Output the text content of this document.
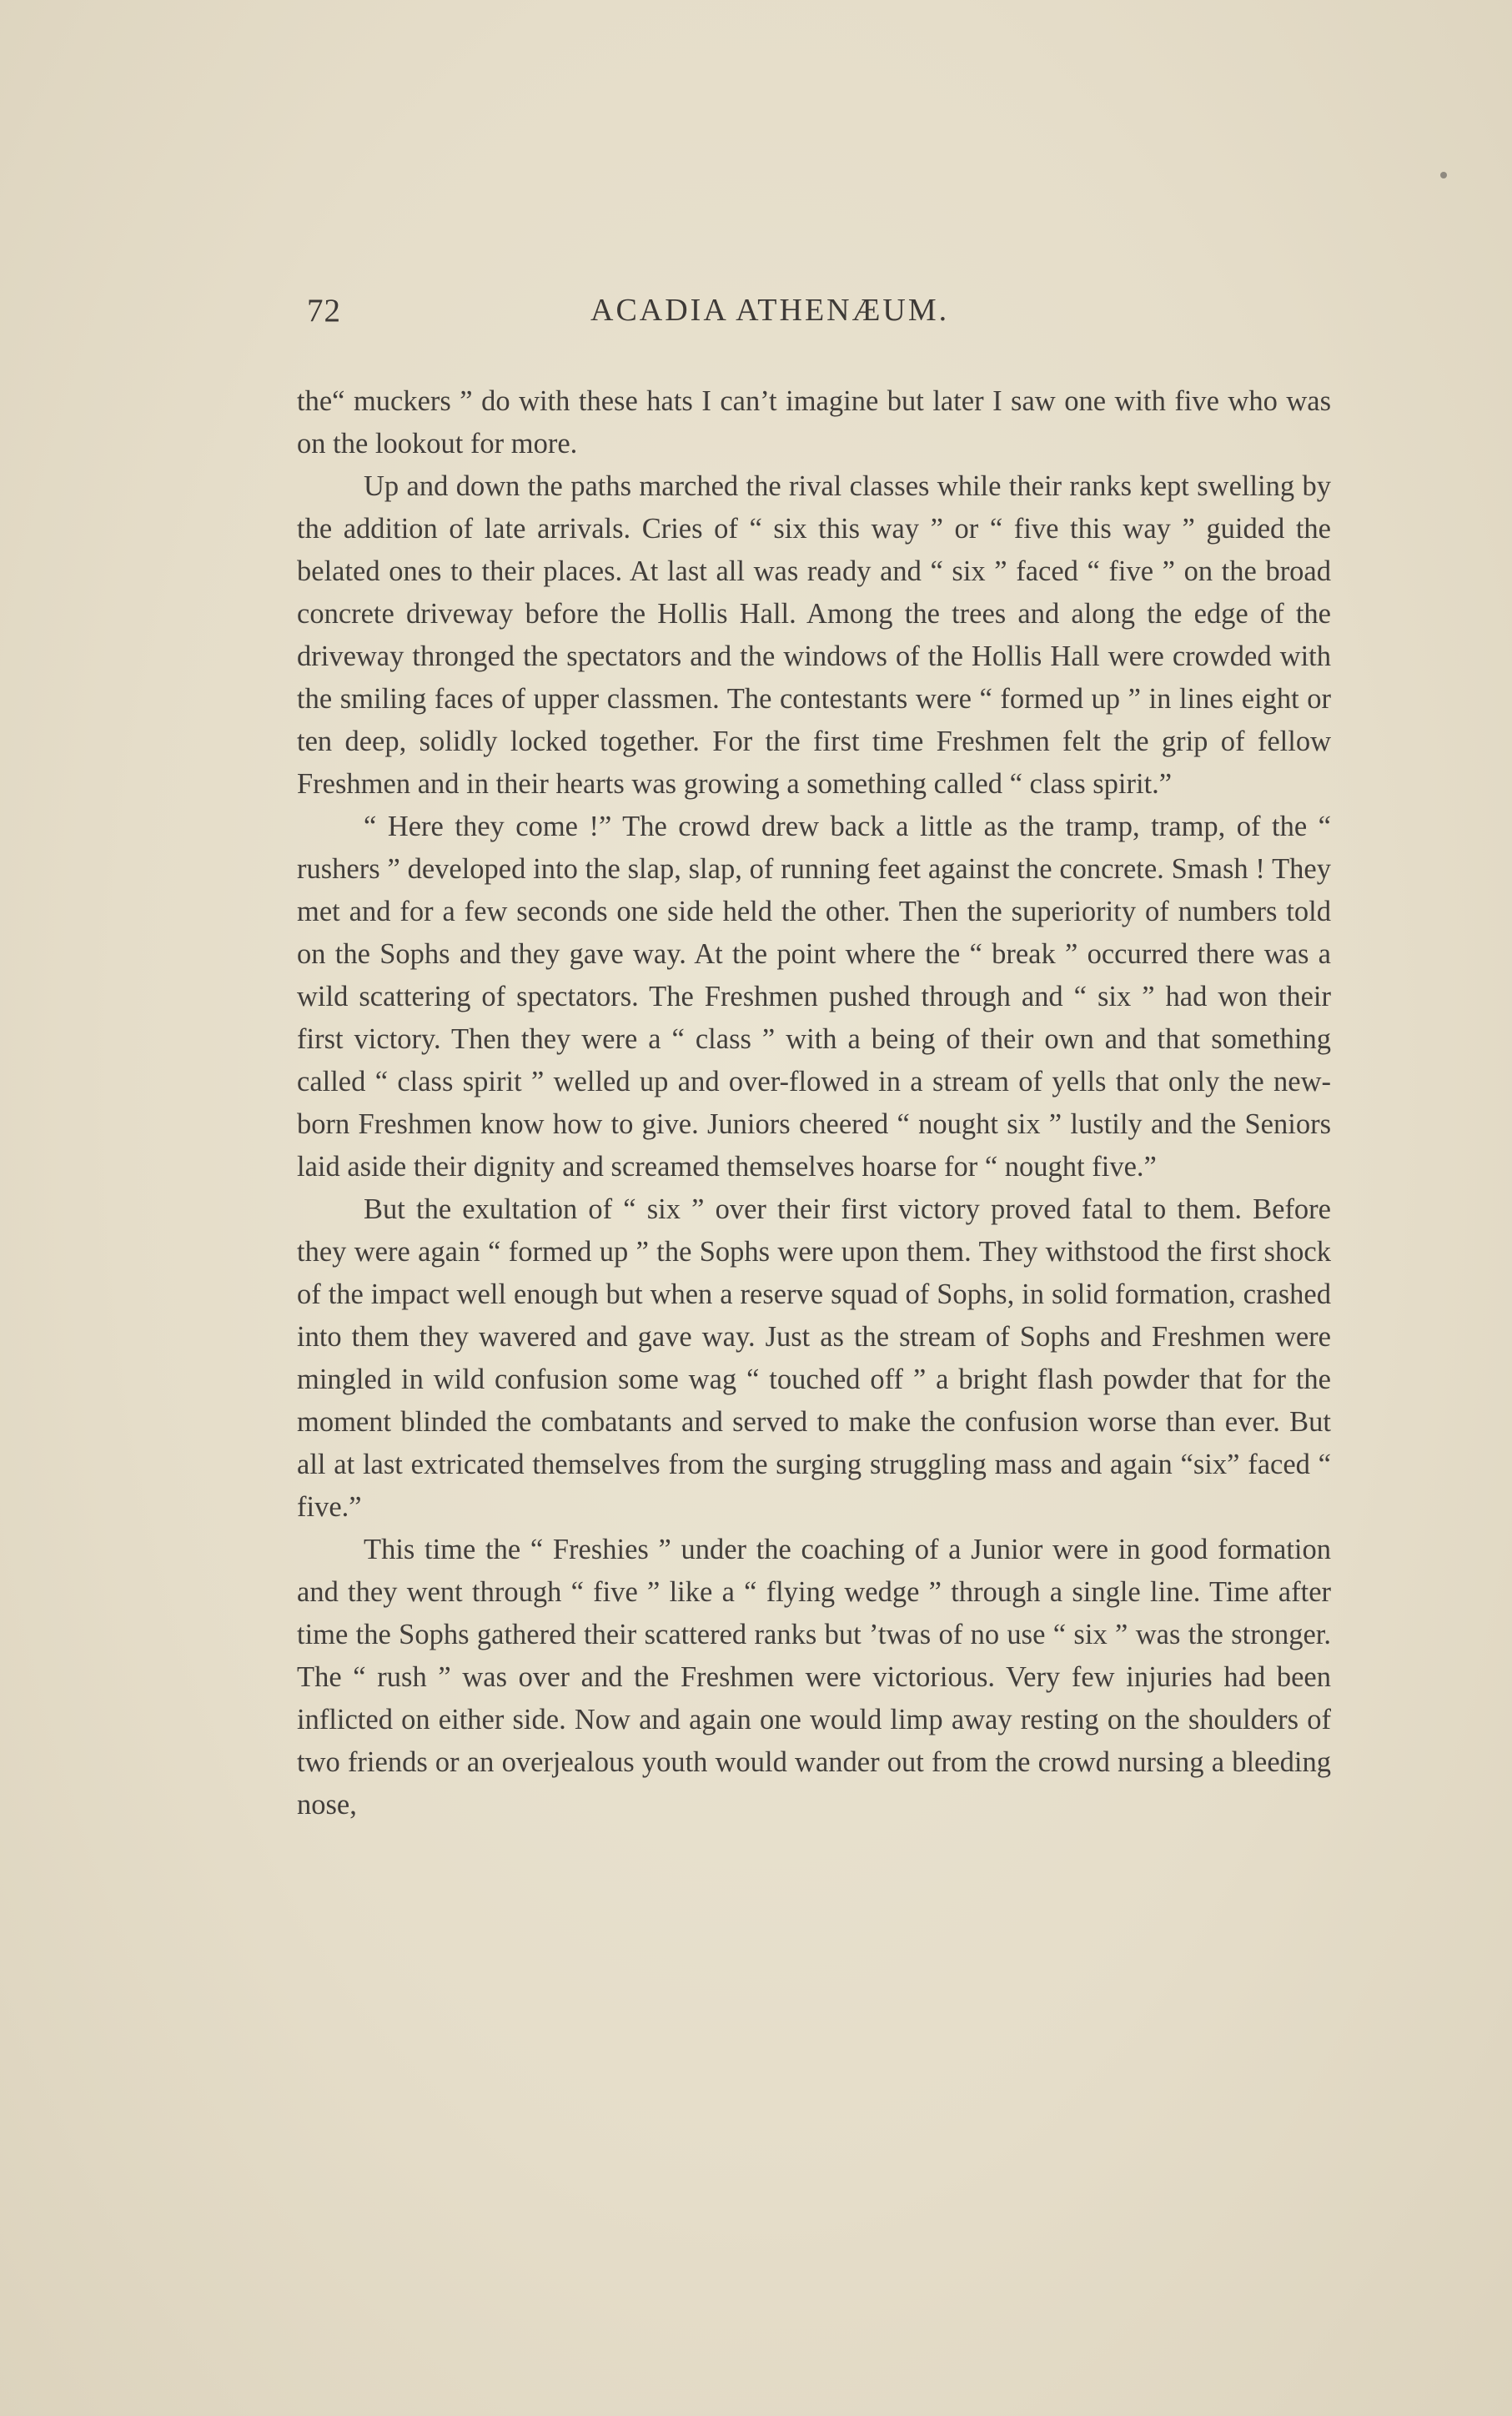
72	ACADIA ATHENÆUM.

the“ muckers ” do with these hats I can’t imagine but later I saw one with five who was on the lookout for more.

Up and down the paths marched the rival classes while their ranks kept swelling by the addition of late arrivals. Cries of “ six this way ” or “ five this way ” guided the belated ones to their places. At last all was ready and “ six ” faced “ five ” on the broad concrete driveway before the Hollis Hall. Among the trees and along the edge of the driveway thronged the spectators and the windows of the Hollis Hall were crowded with the smiling faces of upper classmen. The contestants were “ formed up ” in lines eight or ten deep, solidly locked together. For the first time Freshmen felt the grip of fellow Freshmen and in their hearts was growing a something called “ class spirit.”

“ Here they come !” The crowd drew back a little as the tramp, tramp, of the “ rushers ” developed into the slap, slap, of running feet against the concrete. Smash ! They met and for a few seconds one side held the other. Then the superiority of numbers told on the Sophs and they gave way. At the point where the “ break ” occurred there was a wild scattering of spectators. The Freshmen pushed through and “ six ” had won their first victory. Then they were a “ class ” with a being of their own and that something called “ class spirit ” welled up and over-flowed in a stream of yells that only the new-born Freshmen know how to give. Juniors cheered “ nought six ” lustily and the Seniors laid aside their dignity and screamed themselves hoarse for “ nought five.”

But the exultation of “ six ” over their first victory proved fatal to them. Before they were again “ formed up ” the Sophs were upon them. They withstood the first shock of the impact well enough but when a reserve squad of Sophs, in solid formation, crashed into them they wavered and gave way. Just as the stream of Sophs and Freshmen were mingled in wild confusion some wag “ touched off ” a bright flash powder that for the moment blinded the combatants and served to make the confusion worse than ever. But all at last extricated themselves from the surging struggling mass and again “six” faced “ five.”

This time the “ Freshies ” under the coaching of a Junior were in good formation and they went through “ five ” like a “ flying wedge ” through a single line. Time after time the Sophs gathered their scattered ranks but ’twas of no use “ six ” was the stronger. The “ rush ” was over and the Freshmen were victorious. Very few injuries had been inflicted on either side. Now and again one would limp away resting on the shoulders of two friends or an overjealous youth would wander out from the crowd nursing a bleeding nose,
